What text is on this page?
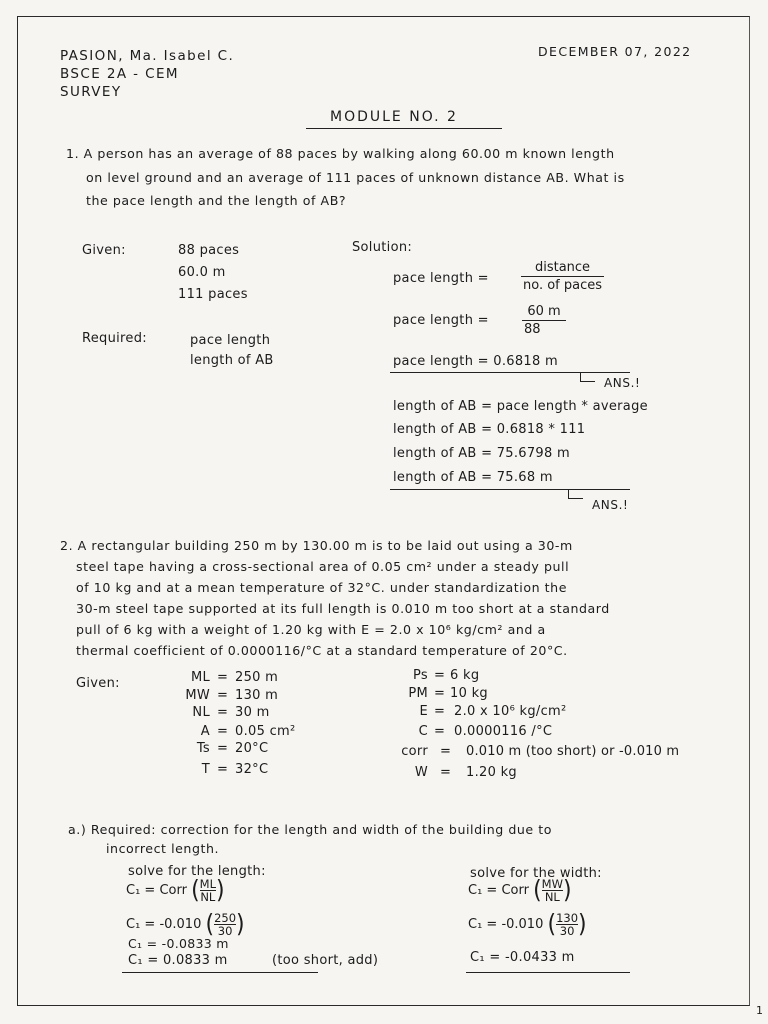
PASION, Ma. Isabel C.
BSCE 2A - CEM
SURVEY
DECEMBER 07, 2022
MODULE NO. 2
1. A person has an average of 88 paces by walking along 60.00 m known length
on level ground and an average of 111 paces of unknown distance AB. What is
the pace length and the length of AB?
Given:	88 paces
60.0 m
111 paces
Required:	pace length
length of AB
Solution:
pace length =
distance
no. of paces
pace length =
60 m
88
pace length = 0.6818 m
ANS.!
length of AB = pace length * average
length of AB = 0.6818 * 111
length of AB = 75.6798 m
length of AB = 75.68 m
ANS.!
2. A rectangular building 250 m by 130.00 m is to be laid out using a 30-m
steel tape having a cross-sectional area of 0.05 cm² under a steady pull
of 10 kg and at a mean temperature of 32°C. under standardization the
30-m steel tape supported at its full length is 0.010 m too short at a standard
pull of 6 kg with a weight of 1.20 kg with E = 2.0 x 10⁶ kg/cm² and a
thermal coefficient of 0.0000116/°C at a standard temperature of 20°C.
Given:	ML = 250 m
MW = 130 m
NL = 30 m
A = 0.05 cm²
Ts = 20°C
T = 32°C
Ps = 6 kg
PM = 10 kg
E = 2.0 x 10⁶ kg/cm²
C = 0.0000116 /°C
corr = 0.010 m (too short) or -0.010 m
W = 1.20 kg
a.) Required: correction for the length and width of the building due to
incorrect length.
solve for the length:	solve for the width:
C₁ = Corr $(\frac{ML}{NL})$
C₁ = -0.010 $(\frac{250}{30})$
C₁ = -0.0833 m
C₁ = 0.0833 m	(too short, add)
C₁ = Corr $(\frac{MW}{NL})$
C₁ = -0.010 $(\frac{130}{30})$
C₁ = -0.0433 m
1
